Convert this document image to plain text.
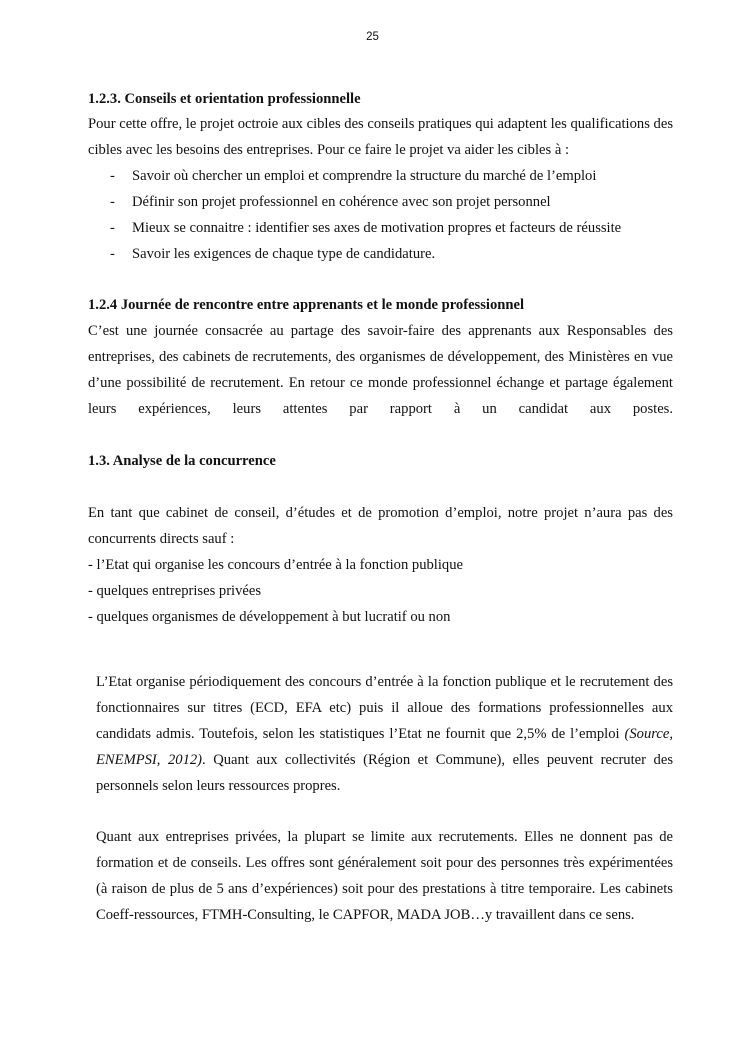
25
1.2.3. Conseils et orientation professionnelle

Pour cette offre, le projet octroie aux cibles des conseils pratiques qui adaptent les qualifications des cibles avec les besoins des entreprises. Pour ce faire le projet va aider les cibles à :

- Savoir où chercher un emploi et comprendre la structure du marché de l’emploi
- Définir son projet professionnel en cohérence avec son projet personnel
- Mieux se connaitre : identifier ses axes de motivation propres et facteurs de réussite
- Savoir les exigences de chaque type de candidature.
1.2.4 Journée de rencontre entre apprenants et le monde professionnel

C’est une journée consacrée au partage des savoir-faire des apprenants aux Responsables des entreprises, des cabinets de recrutements, des organismes de développement, des Ministères en vue d’une possibilité de recrutement. En retour ce monde professionnel échange et partage également leurs expériences, leurs attentes par rapport à un candidat aux postes.

1.3. Analyse de la concurrence

En tant que cabinet de conseil, d’études et de promotion d’emploi, notre projet n’aura pas des concurrents directs sauf :

- l’Etat qui organise les concours d’entrée à la fonction publique
- quelques entreprises privées
- quelques organismes de développement à but lucratif ou non

L’Etat organise périodiquement des concours d’entrée à la fonction publique et le recrutement des fonctionnaires sur titres (ECD, EFA etc) puis il alloue des formations professionnelles aux candidats admis. Toutefois, selon les statistiques l’Etat ne fournit que 2,5% de l’emploi (Source, ENEMPSI, 2012). Quant aux collectivités (Région et Commune), elles peuvent recruter des personnels selon leurs ressources propres.

Quant aux entreprises privées, la plupart se limite aux recrutements. Elles ne donnent pas de formation et de conseils. Les offres sont généralement soit pour des personnes très expérimentées (à raison de plus de 5 ans d’expériences) soit pour des prestations à titre temporaire. Les cabinets Coeff-ressources, FTMH-Consulting, le CAPFOR, MADA JOB…y travaillent dans ce sens.
